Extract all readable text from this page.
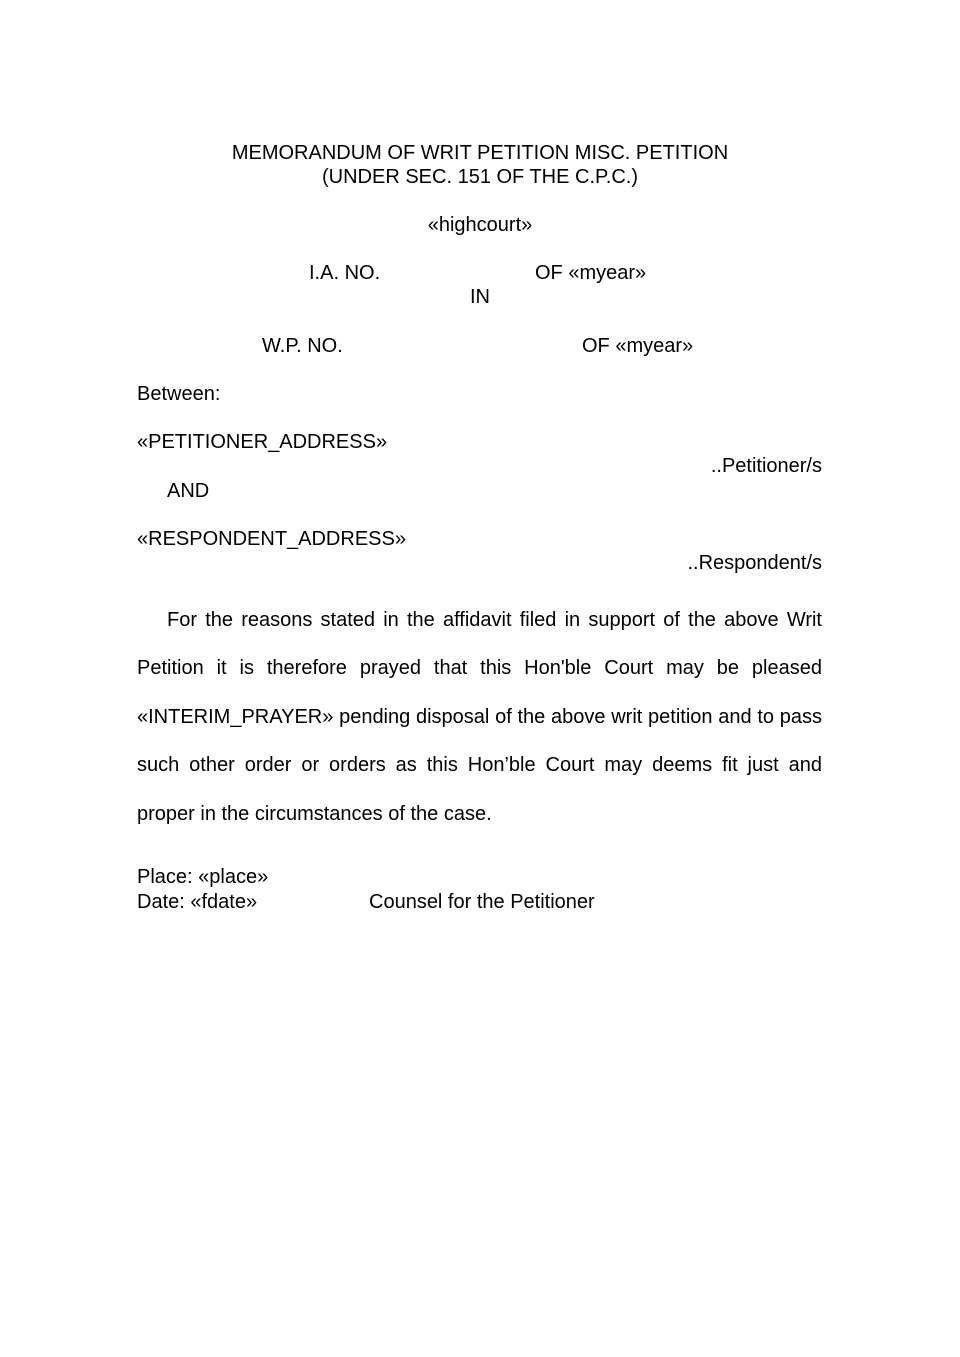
MEMORANDUM OF WRIT PETITION MISC. PETITION
(UNDER SEC. 151 OF THE C.P.C.)
«highcourt»
I.A. NO.	OF «myear»
IN
W.P. NO.	OF «myear»
Between:
«PETITIONER_ADDRESS»
..Petitioner/s
AND
«RESPONDENT_ADDRESS»
..Respondent/s
For the reasons stated in the affidavit filed in support of the above Writ Petition it is therefore prayed that this Hon'ble Court may be pleased «INTERIM_PRAYER» pending disposal of the above writ petition and to pass such other order or orders as this Hon’ble Court may deems fit just and proper in the circumstances of the case.
Place: «place»
Date: «fdate»	Counsel for the Petitioner
